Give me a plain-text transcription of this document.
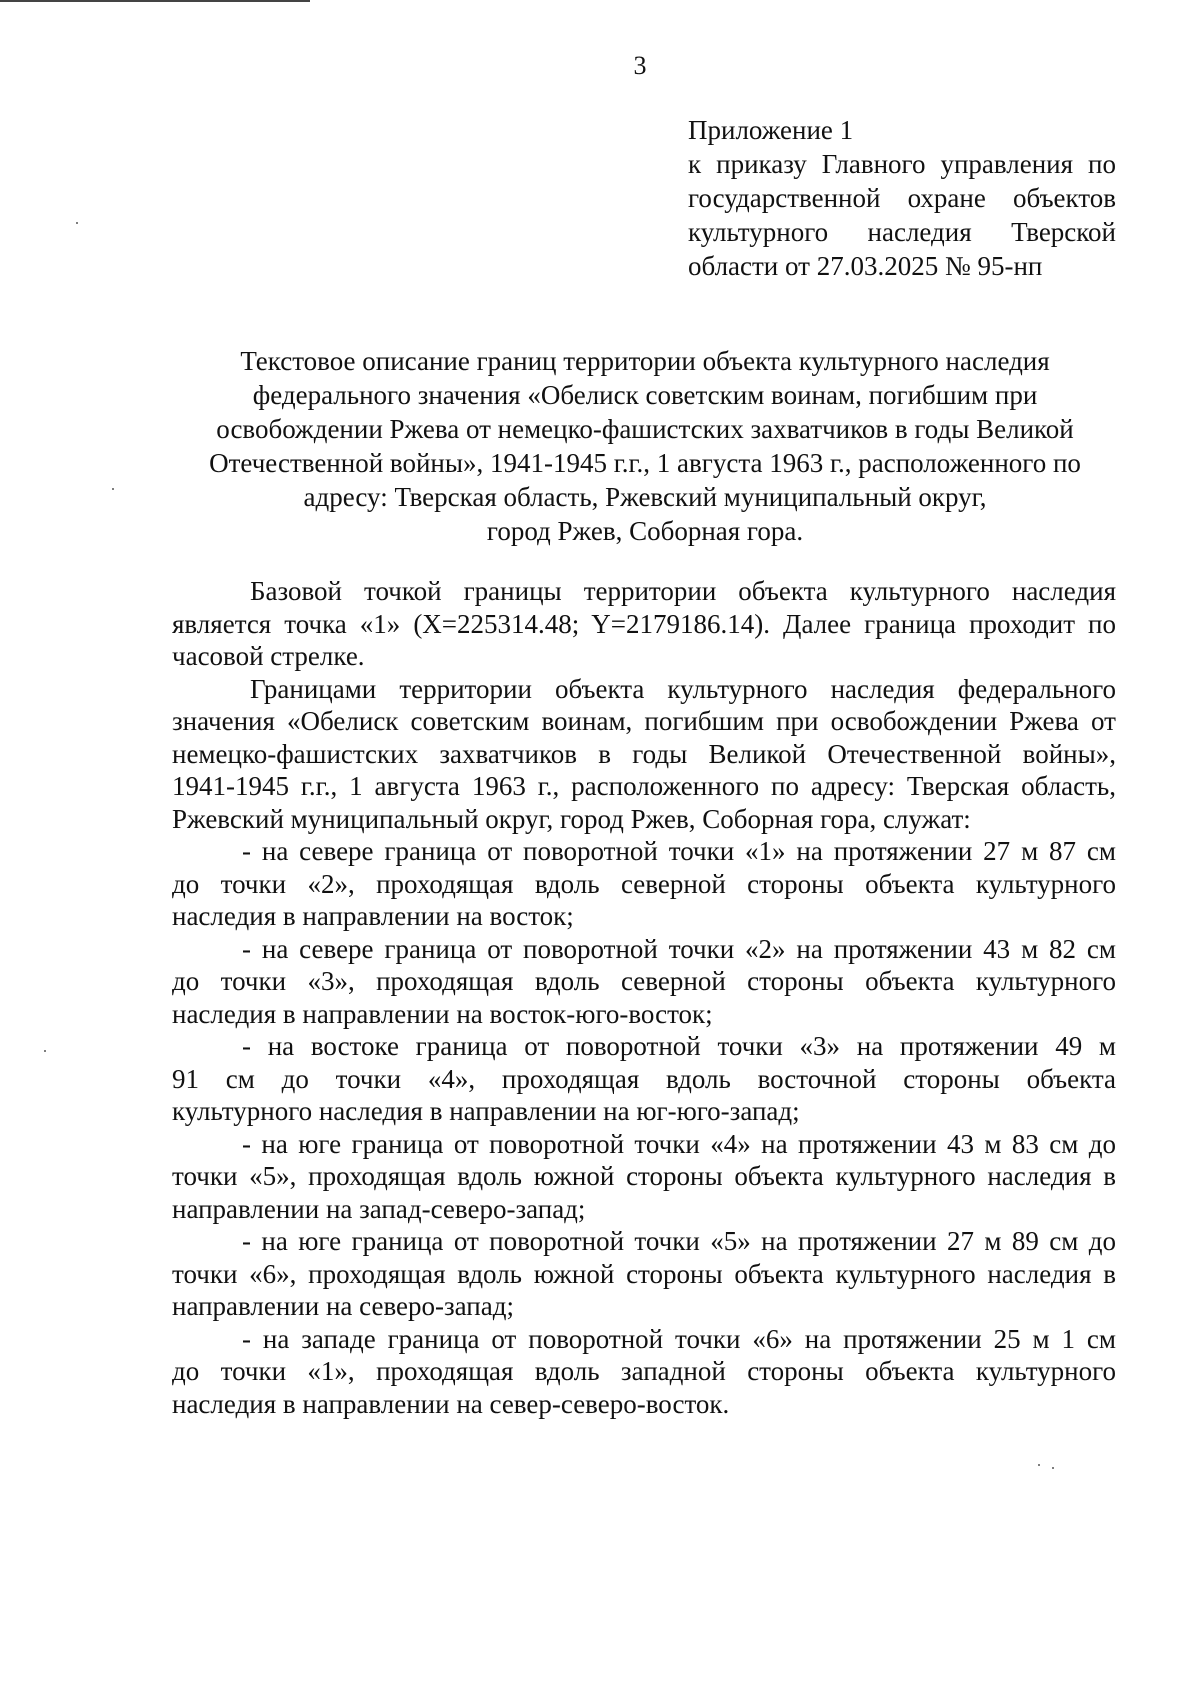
3
Приложение 1
к приказу Главного управления по
государственной охране объектов
культурного наследия Тверской
области от 27.03.2025 № 95-нп
Текстовое описание границ территории объекта культурного наследия
федерального значения «Обелиск советским воинам, погибшим при
освобождении Ржева от немецко-фашистских захватчиков в годы Великой
Отечественной войны», 1941-1945 г.г., 1 августа 1963 г., расположенного по
адресу: Тверская область, Ржевский муниципальный округ,
город Ржев, Соборная гора.
Базовой точкой границы территории объекта культурного наследия
является точка «1» (X=225314.48; Y=2179186.14). Далее граница проходит по
часовой стрелке.
Границами территории объекта культурного наследия федерального
значения «Обелиск советским воинам, погибшим при освобождении Ржева от
немецко-фашистских захватчиков в годы Великой Отечественной войны»,
1941-1945 г.г., 1 августа 1963 г., расположенного по адресу: Тверская область,
Ржевский муниципальный округ, город Ржев, Соборная гора, служат:
- на севере граница от поворотной точки «1» на протяжении 27 м 87 см
до точки «2», проходящая вдоль северной стороны объекта культурного
наследия в направлении на восток;
- на севере граница от поворотной точки «2» на протяжении 43 м 82 см
до точки «3», проходящая вдоль северной стороны объекта культурного
наследия в направлении на восток-юго-восток;
- на востоке граница от поворотной точки «3» на протяжении 49 м
91 см до точки «4», проходящая вдоль восточной стороны объекта
культурного наследия в направлении на юг-юго-запад;
- на юге граница от поворотной точки «4» на протяжении 43 м 83 см до
точки «5», проходящая вдоль южной стороны объекта культурного наследия в
направлении на запад-северо-запад;
- на юге граница от поворотной точки «5» на протяжении 27 м 89 см до
точки «6», проходящая вдоль южной стороны объекта культурного наследия в
направлении на северо-запад;
- на западе граница от поворотной точки «6» на протяжении 25 м 1 см
до точки «1», проходящая вдоль западной стороны объекта культурного
наследия в направлении на север-северо-восток.
